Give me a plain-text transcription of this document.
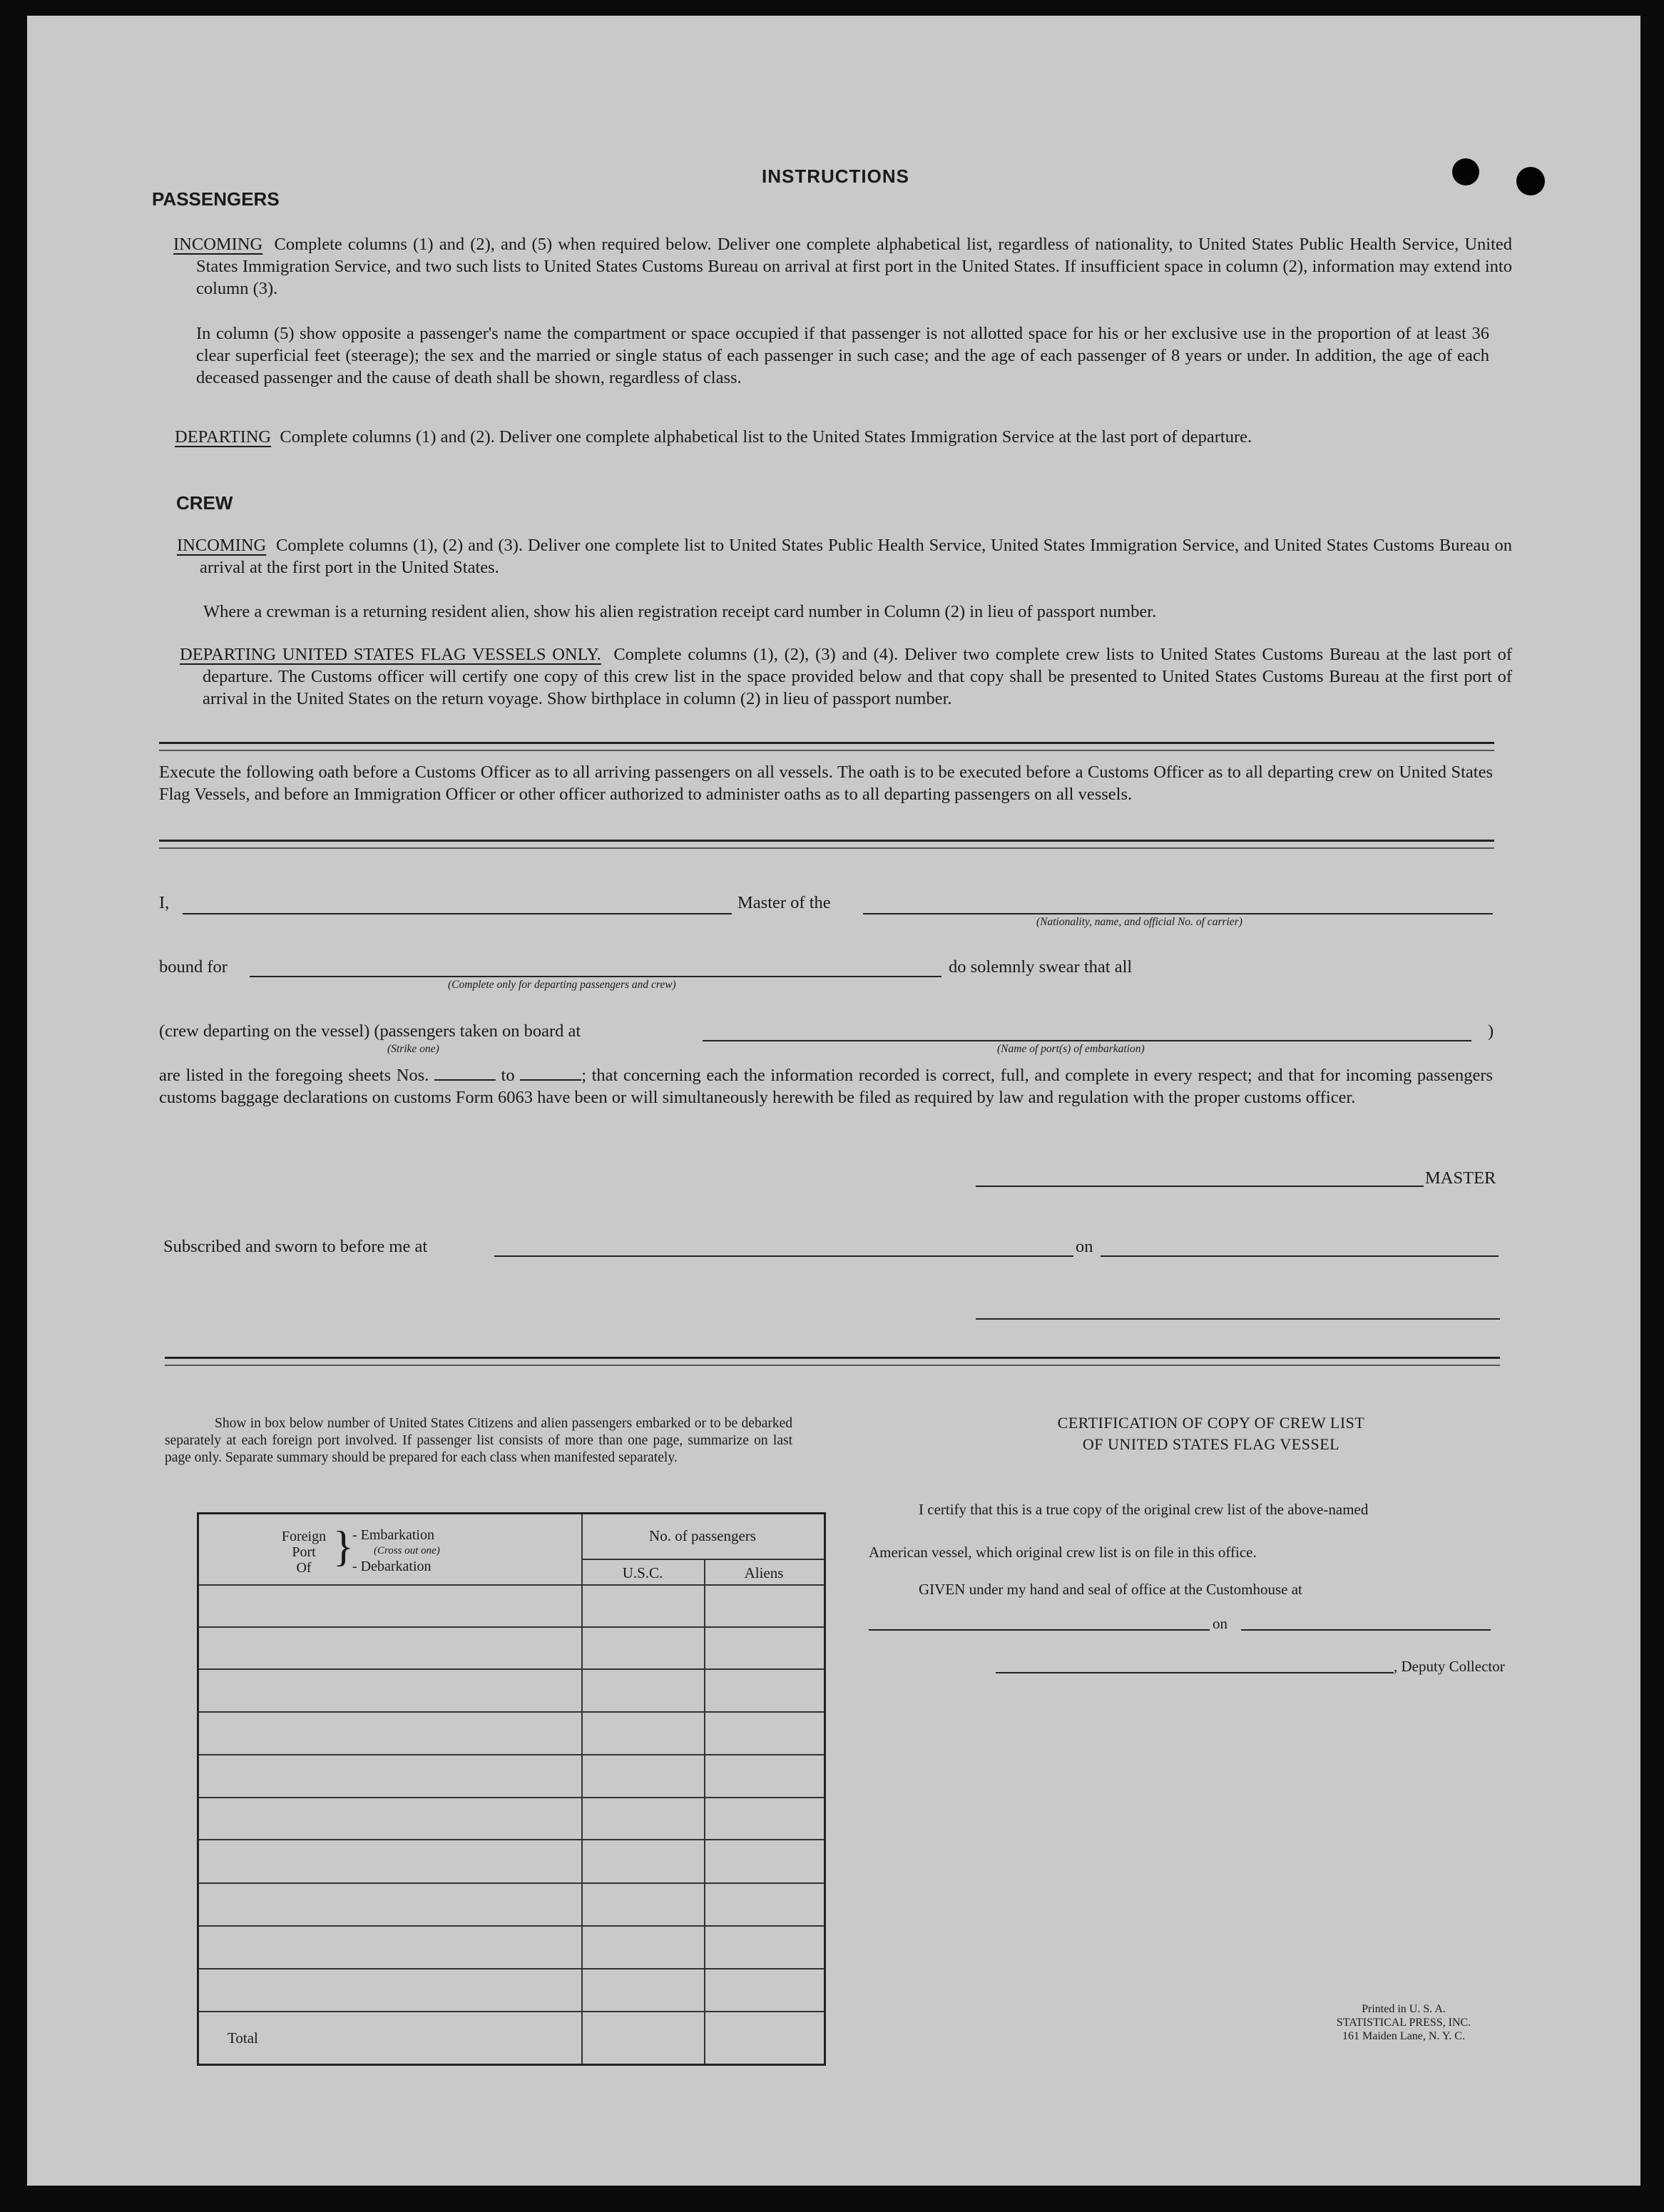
INSTRUCTIONS
PASSENGERS
INCOMING Complete columns (1) and (2), and (5) when required below. Deliver one complete alphabetical list, regardless of nationality, to United States Public Health Service, United States Immigration Service, and two such lists to United States Customs Bureau on arrival at first port in the United States. If insufficient space in column (2), information may extend into column (3).
In column (5) show opposite a passenger's name the compartment or space occupied if that passenger is not allotted space for his or her exclusive use in the proportion of at least 36 clear superficial feet (steerage); the sex and the married or single status of each passenger in such case; and the age of each passenger of 8 years or under. In addition, the age of each deceased passenger and the cause of death shall be shown, regardless of class.
DEPARTING Complete columns (1) and (2). Deliver one complete alphabetical list to the United States Immigration Service at the last port of departure.
CREW
INCOMING Complete columns (1), (2) and (3). Deliver one complete list to United States Public Health Service, United States Immigration Service, and United States Customs Bureau on arrival at the first port in the United States.
Where a crewman is a returning resident alien, show his alien registration receipt card number in Column (2) in lieu of passport number.
DEPARTING UNITED STATES FLAG VESSELS ONLY. Complete columns (1), (2), (3) and (4). Deliver two complete crew lists to United States Customs Bureau at the last port of departure. The Customs officer will certify one copy of this crew list in the space provided below and that copy shall be presented to United States Customs Bureau at the first port of arrival in the United States on the return voyage. Show birthplace in column (2) in lieu of passport number.
Execute the following oath before a Customs Officer as to all arriving passengers on all vessels. The oath is to be executed before a Customs Officer as to all departing crew on United States Flag Vessels, and before an Immigration Officer or other officer authorized to administer oaths as to all departing passengers on all vessels.
I,	Master of the
(Nationality, name, and official No. of carrier)
bound for
(Complete only for departing passengers and crew)
do solemnly swear that all
(crew departing on the vessel) (passengers taken on board at	)
(Strike one)	(Name of port(s) of embarkation)
are listed in the foregoing sheets Nos.	to	; that concerning each the information recorded is correct, full, and complete in every respect; and that for incoming passengers customs baggage declarations on customs Form 6063 have been or will simultaneously herewith be filed as required by law and regulation with the proper customs officer.
MASTER
Subscribed and sworn to before me at	on
Show in box below number of United States Citizens and alien passengers embarked or to be debarked separately at each foreign port involved. If passenger list consists of more than one page, summarize on last page only. Separate summary should be prepared for each class when manifested separately.
Foreign
Port
Of }
- Embarkation
(Cross out one)
- Debarkation
No. of passengers
U.S.C.	Aliens
Total
CERTIFICATION OF COPY OF CREW LIST
OF UNITED STATES FLAG VESSEL
I certify that this is a true copy of the original crew list of the above-named
American vessel, which original crew list is on file in this office.
GIVEN under my hand and seal of office at the Customhouse at
on
, Deputy Collector
Printed in U. S. A.
STATISTICAL PRESS, INC.
161 Maiden Lane, N. Y. C.
